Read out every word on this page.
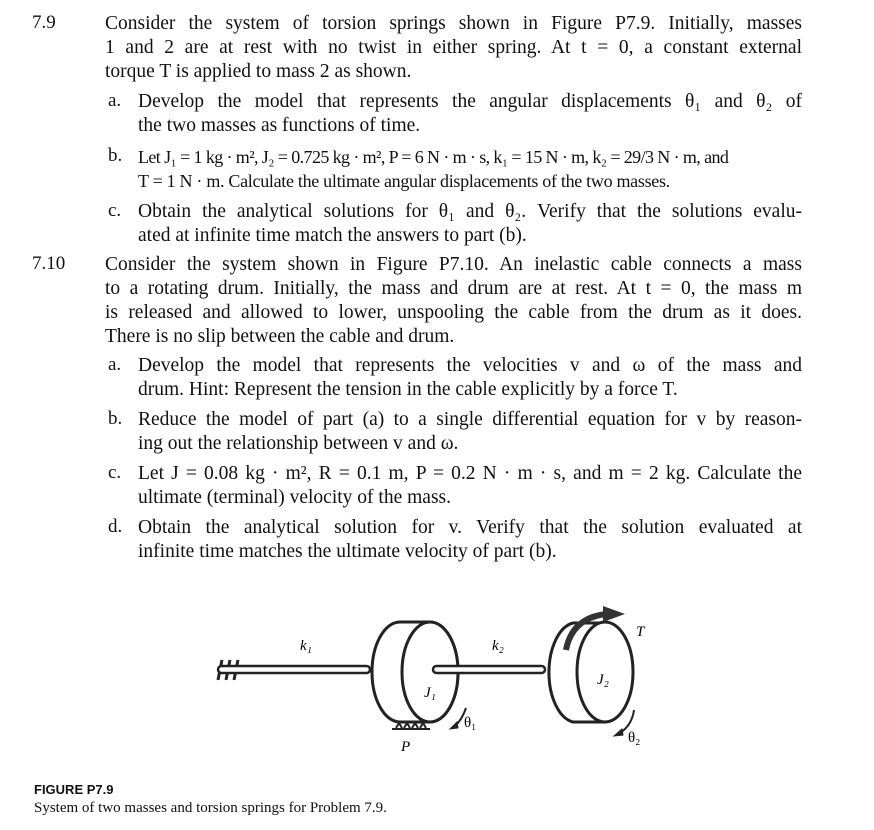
7.9	Consider the system of torsion springs shown in Figure P7.9. Initially, masses
1 and 2 are at rest with no twist in either spring. At t = 0, a constant external
torque T is applied to mass 2 as shown.
a. Develop the model that represents the angular displacements θ₁ and θ₂ of
the two masses as functions of time.
b. Let J₁ = 1 kg · m², J₂ = 0.725 kg · m², P = 6 N · m · s, k₁ = 15 N · m, k₂ = 29/3 N · m, and
T = 1 N · m. Calculate the ultimate angular displacements of the two masses.
c. Obtain the analytical solutions for θ₁ and θ₂. Verify that the solutions evalu-
ated at infinite time match the answers to part (b).
7.10 Consider the system shown in Figure P7.10. An inelastic cable connects a mass
to a rotating drum. Initially, the mass and drum are at rest. At t = 0, the mass m
is released and allowed to lower, unspooling the cable from the drum as it does.
There is no slip between the cable and drum.
a. Develop the model that represents the velocities v and ω of the mass and
drum. Hint: Represent the tension in the cable explicitly by a force T.
b. Reduce the model of part (a) to a single differential equation for v by reason-
ing out the relationship between v and ω.
c. Let J = 0.08 kg · m², R = 0.1 m, P = 0.2 N · m · s, and m = 2 kg. Calculate the
ultimate (terminal) velocity of the mass.
d. Obtain the analytical solution for v. Verify that the solution evaluated at
infinite time matches the ultimate velocity of part (b).
k₁	k₂
J₁
J₂
θ₁
θ₂
P
T
FIGURE P7.9
System of two masses and torsion springs for Problem 7.9.
